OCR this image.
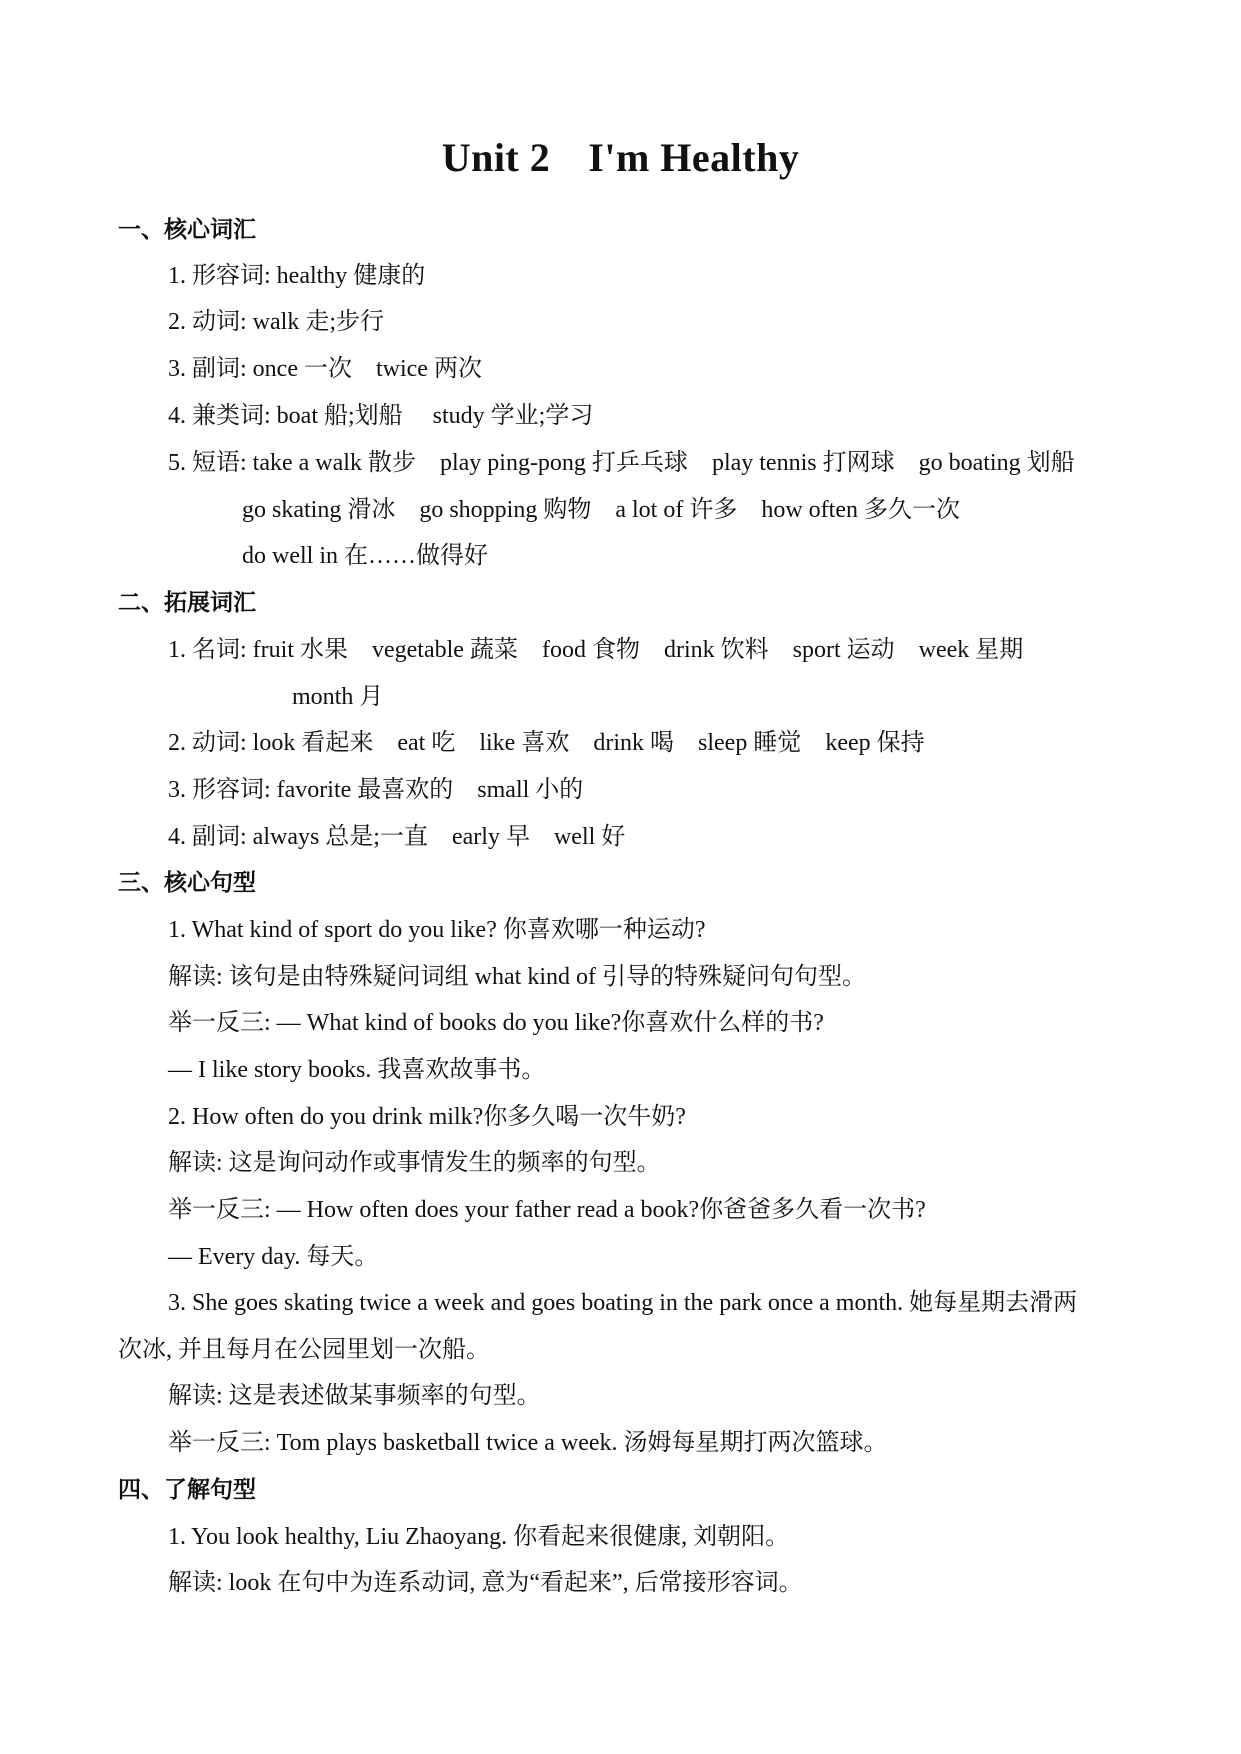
Unit 2 I'm Healthy
一、核心词汇
1. 形容词: healthy 健康的
2. 动词: walk 走;步行
3. 副词: once 一次 twice 两次
4. 兼类词: boat 船;划船 study 学业;学习
5. 短语: take a walk 散步 play ping-pong 打乒乓球 play tennis 打网球 go boating 划船
go skating 滑冰 go shopping 购物 a lot of 许多 how often 多久一次
do well in 在……做得好
二、拓展词汇
1. 名词: fruit 水果 vegetable 蔬菜 food 食物 drink 饮料 sport 运动 week 星期
month 月
2. 动词: look 看起来 eat 吃 like 喜欢 drink 喝 sleep 睡觉 keep 保持
3. 形容词: favorite 最喜欢的 small 小的
4. 副词: always 总是;一直 early 早 well 好
三、核心句型
1. What kind of sport do you like? 你喜欢哪一种运动?
解读: 该句是由特殊疑问词组 what kind of 引导的特殊疑问句句型。
举一反三: — What kind of books do you like?你喜欢什么样的书?
— I like story books. 我喜欢故事书。
2. How often do you drink milk?你多久喝一次牛奶?
解读: 这是询问动作或事情发生的频率的句型。
举一反三: — How often does your father read a book?你爸爸多久看一次书?
— Every day. 每天。
3. She goes skating twice a week and goes boating in the park once a month. 她每星期去滑两
次冰, 并且每月在公园里划一次船。
解读: 这是表述做某事频率的句型。
举一反三: Tom plays basketball twice a week. 汤姆每星期打两次篮球。
四、了解句型
1. You look healthy, Liu Zhaoyang. 你看起来很健康, 刘朝阳。
解读: look 在句中为连系动词, 意为“看起来”, 后常接形容词。
